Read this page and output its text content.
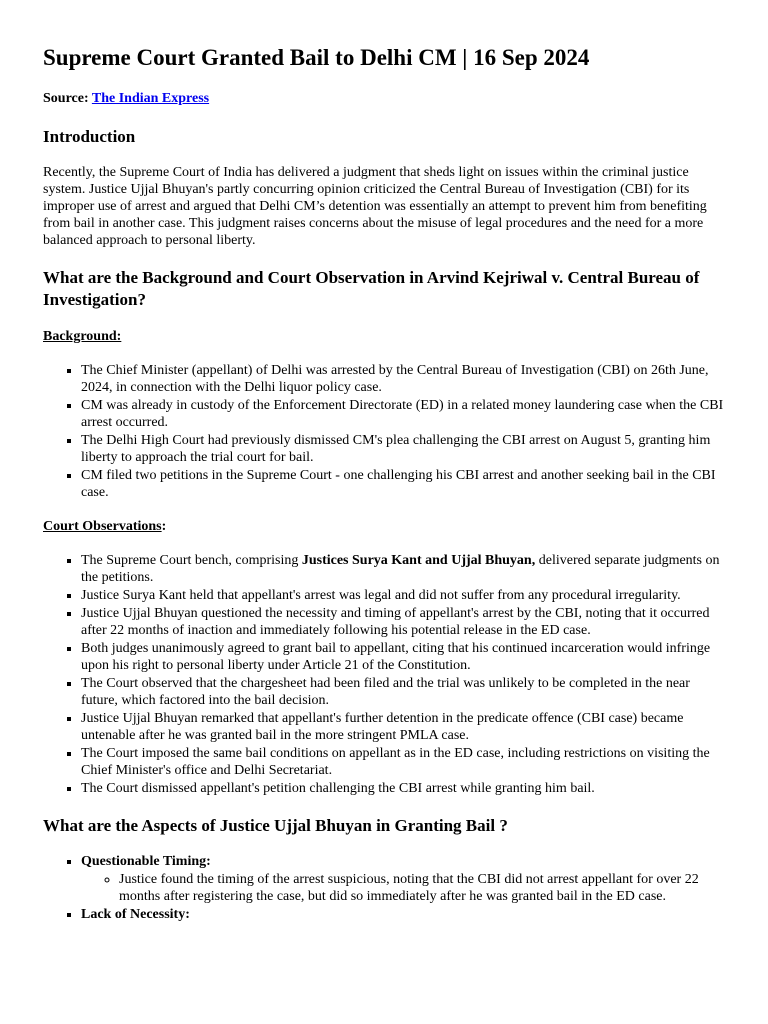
Supreme Court Granted Bail to Delhi CM | 16 Sep 2024
Source: The Indian Express
Introduction

Recently, the Supreme Court of India has delivered a judgment that sheds light on issues within the criminal justice system. Justice Ujjal Bhuyan's partly concurring opinion criticized the Central Bureau of Investigation (CBI) for its improper use of arrest and argued that Delhi CM’s detention was essentially an attempt to prevent him from benefiting from bail in another case. This judgment raises concerns about the misuse of legal procedures and the need for a more balanced approach to personal liberty.

What are the Background and Court Observation in Arvind Kejriwal v. Central Bureau of Investigation?
Background:
▪ The Chief Minister (appellant) of Delhi was arrested by the Central Bureau of Investigation (CBI) on 26th June, 2024, in connection with the Delhi liquor policy case.
▪ CM was already in custody of the Enforcement Directorate (ED) in a related money laundering case when the CBI arrest occurred.
▪ The Delhi High Court had previously dismissed CM's plea challenging the CBI arrest on August 5, granting him liberty to approach the trial court for bail.
▪ CM filed two petitions in the Supreme Court - one challenging his CBI arrest and another seeking bail in the CBI case.
Court Observations:
▪ The Supreme Court bench, comprising Justices Surya Kant and Ujjal Bhuyan, delivered separate judgments on the petitions.
▪ Justice Surya Kant held that appellant's arrest was legal and did not suffer from any procedural irregularity.
▪ Justice Ujjal Bhuyan questioned the necessity and timing of appellant's arrest by the CBI, noting that it occurred after 22 months of inaction and immediately following his potential release in the ED case.
▪ Both judges unanimously agreed to grant bail to appellant, citing that his continued incarceration would infringe upon his right to personal liberty under Article 21 of the Constitution.
▪ The Court observed that the chargesheet had been filed and the trial was unlikely to be completed in the near future, which factored into the bail decision.
▪ Justice Ujjal Bhuyan remarked that appellant's further detention in the predicate offence (CBI case) became untenable after he was granted bail in the more stringent PMLA case.
▪ The Court imposed the same bail conditions on appellant as in the ED case, including restrictions on visiting the Chief Minister's office and Delhi Secretariat.
▪ The Court dismissed appellant's petition challenging the CBI arrest while granting him bail.
What are the Aspects of Justice Ujjal Bhuyan in Granting Bail ?
▪ Questionable Timing:
◦ Justice found the timing of the arrest suspicious, noting that the CBI did not arrest appellant for over 22 months after registering the case, but did so immediately after he was granted bail in the ED case.
▪ Lack of Necessity:
